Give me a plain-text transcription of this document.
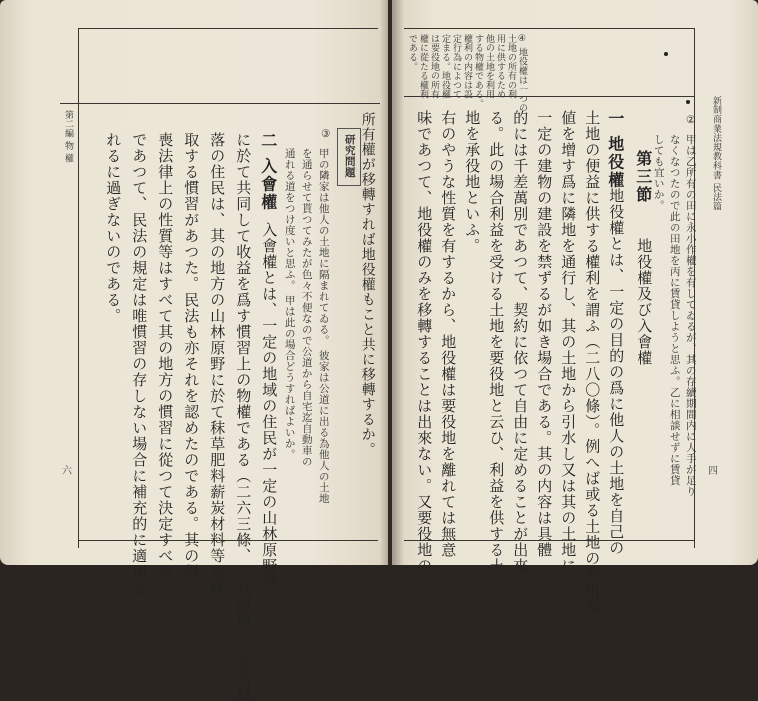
第二編 物 權
六
れるに過ぎないのである。 であつて、民法の規定は唯慣習の存しない場合に補充的に適用さ 喪法律上の性質等はすべて其の地方の慣習に從つて決定すべき 取する慣習があつた。民法も亦それを認めたのである。其の得 落の住民は、其の地方の山林原野に於て秣草肥料薪炭材料等を採 に於て共同して收益を爲す慣習上の物權である（二六三條、二九四條）。古來村 入會權とは、一定の地域の住民が一定の山林原野等
二 入會權 通れる道をつけ度いと思ふ。 甲は此の場合どうすればよいか。 を通らせて貰つてみたが色々不便なので公道から自宅迄自動車の 甲の隣家は他人の土地に隔まれてゐる。 彼家は公道に出る為他人の土地
③ 研究問題 所有權が移轉すれば地役權もこと共に移轉するか。	新制商業法規教科書 民法篇
四
である。 權に從たる權利 は要役地の所有 定まる。地役權 定行為によつて 權利の内容は設 する物權である。 他の土地を利用 用に供するため 土地の所有の利 ④ 地役權は一つの
味であつて、地役權のみを移轉することは出來ない。又要役地の 右のやうな性質を有するから、地役權は要役地を離れては無意 地を承役地といふ。 る。此の場合利益を受ける土地を要役地と云ひ、利益を供する土 的には千差萬別であつて、契約に依つて自由に定めることが出來 一定の建物の建設を禁ずるが如き場合である。其の内容は具體 値を增す爲に隣地を通行し、其の土地から引水し又は其の土地に 土地の便益に供する權利を謂ふ（二八〇條）。例へば或る土地の利用價 地役權とは、一定の目的の爲に他人の土地を自己の
一 地役權 第三節
地役權及び入會權
しても宜いか。 なくなつたので此の田地を丙に賃貸しようと思ふ。乙に相談せずに賃貸 甲は乙所有の田に永小作權を有してゐるが、其の存續期間内に人手が足り
②
